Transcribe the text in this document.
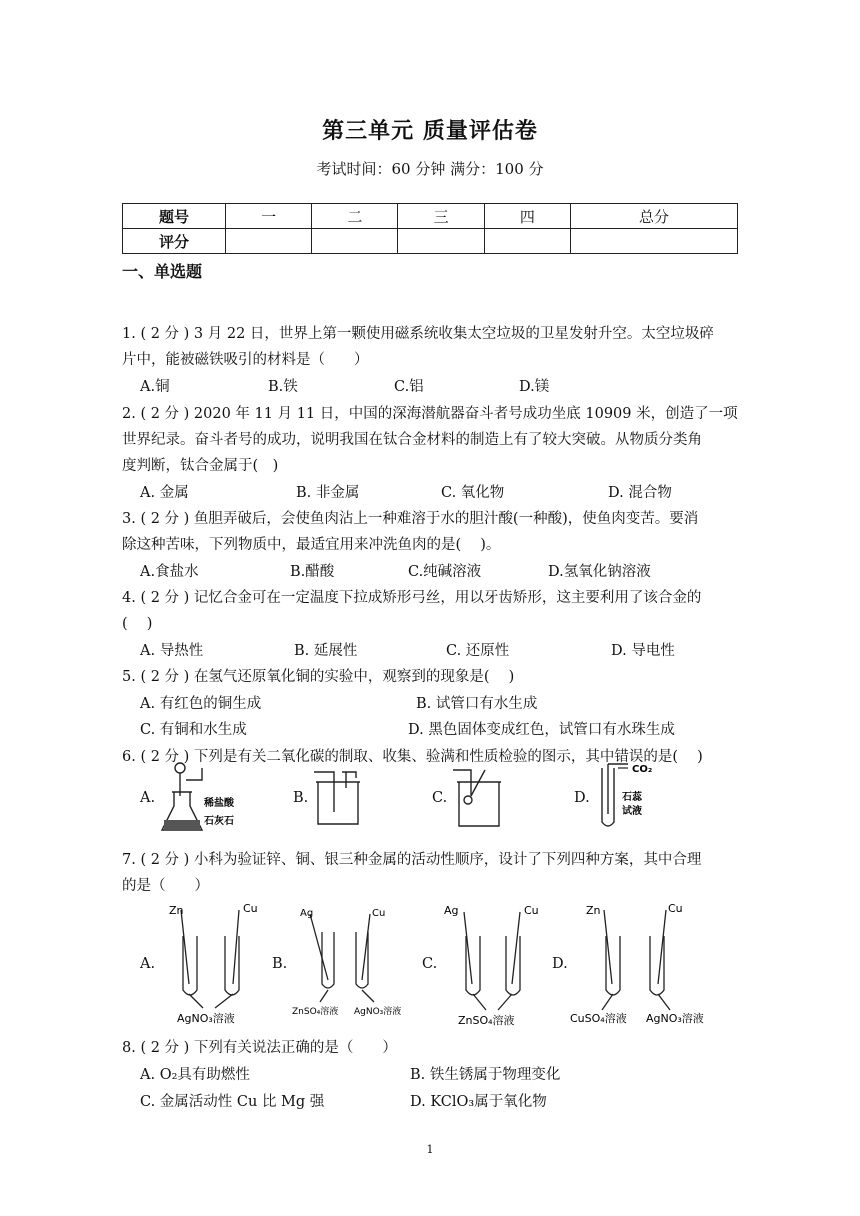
第三单元 质量评估卷
考试时间：60 分钟 满分：100 分
题号	一	二	三	四	总分
评分					
一、单选题
1. ( 2 分 ) 3 月 22 日，世界上第一颗使用磁系统收集太空垃圾的卫星发射升空。太空垃圾碎
片中，能被磁铁吸引的材料是（　　）
A.铜	B.铁	C.铝	D.镁
2. ( 2 分 ) 2020 年 11 月 11 日，中国的深海潜航器奋斗者号成功坐底 10909 米，创造了一项
世界纪录。奋斗者号的成功，说明我国在钛合金材料的制造上有了较大突破。从物质分类角
度判断，钛合金属于(　)
A. 金属	B. 非金属	C. 氧化物	D. 混合物
3. ( 2 分 ) 鱼胆弄破后，会使鱼肉沾上一种难溶于水的胆汁酸(一种酸)，使鱼肉变苦。要消
除这种苦味，下列物质中，最适宜用来冲洗鱼肉的是(　 )。
A.食盐水	B.醋酸	C.纯碱溶液	D.氢氧化钠溶液
4. ( 2 分 ) 记忆合金可在一定温度下拉成矫形弓丝，用以牙齿矫形，这主要利用了该合金的
(　 )
A. 导热性	B. 延展性	C. 还原性	D. 导电性
5. ( 2 分 ) 在氢气还原氧化铜的实验中，观察到的现象是(　 )
A. 有红色的铜生成	B. 试管口有水生成
C. 有铜和水生成	D. 黑色固体变成红色，试管口有水珠生成
6. ( 2 分 ) 下列是有关二氧化碳的制取、收集、验满和性质检验的图示，其中错误的是(　 )
A.	B.	C.	D.
稀盐酸
石灰石
CO₂
石蕊
试液
7. ( 2 分 ) 小科为验证锌、铜、银三种金属的活动性顺序，设计了下列四种方案，其中合理
的是（　　）
A.	B.	C.	D.
Zn	Cu
AgNO₃溶液
Ag	Cu
ZnSO₄溶液 AgNO₃溶液
Ag	Cu
ZnSO₄溶液
Zn	Cu
CuSO₄溶液 AgNO₃溶液
8. ( 2 分 ) 下列有关说法正确的是（　　）
A. O₂具有助燃性	B. 铁生锈属于物理变化
C. 金属活动性 Cu 比 Mg 强	D. KClO₃属于氧化物
1
